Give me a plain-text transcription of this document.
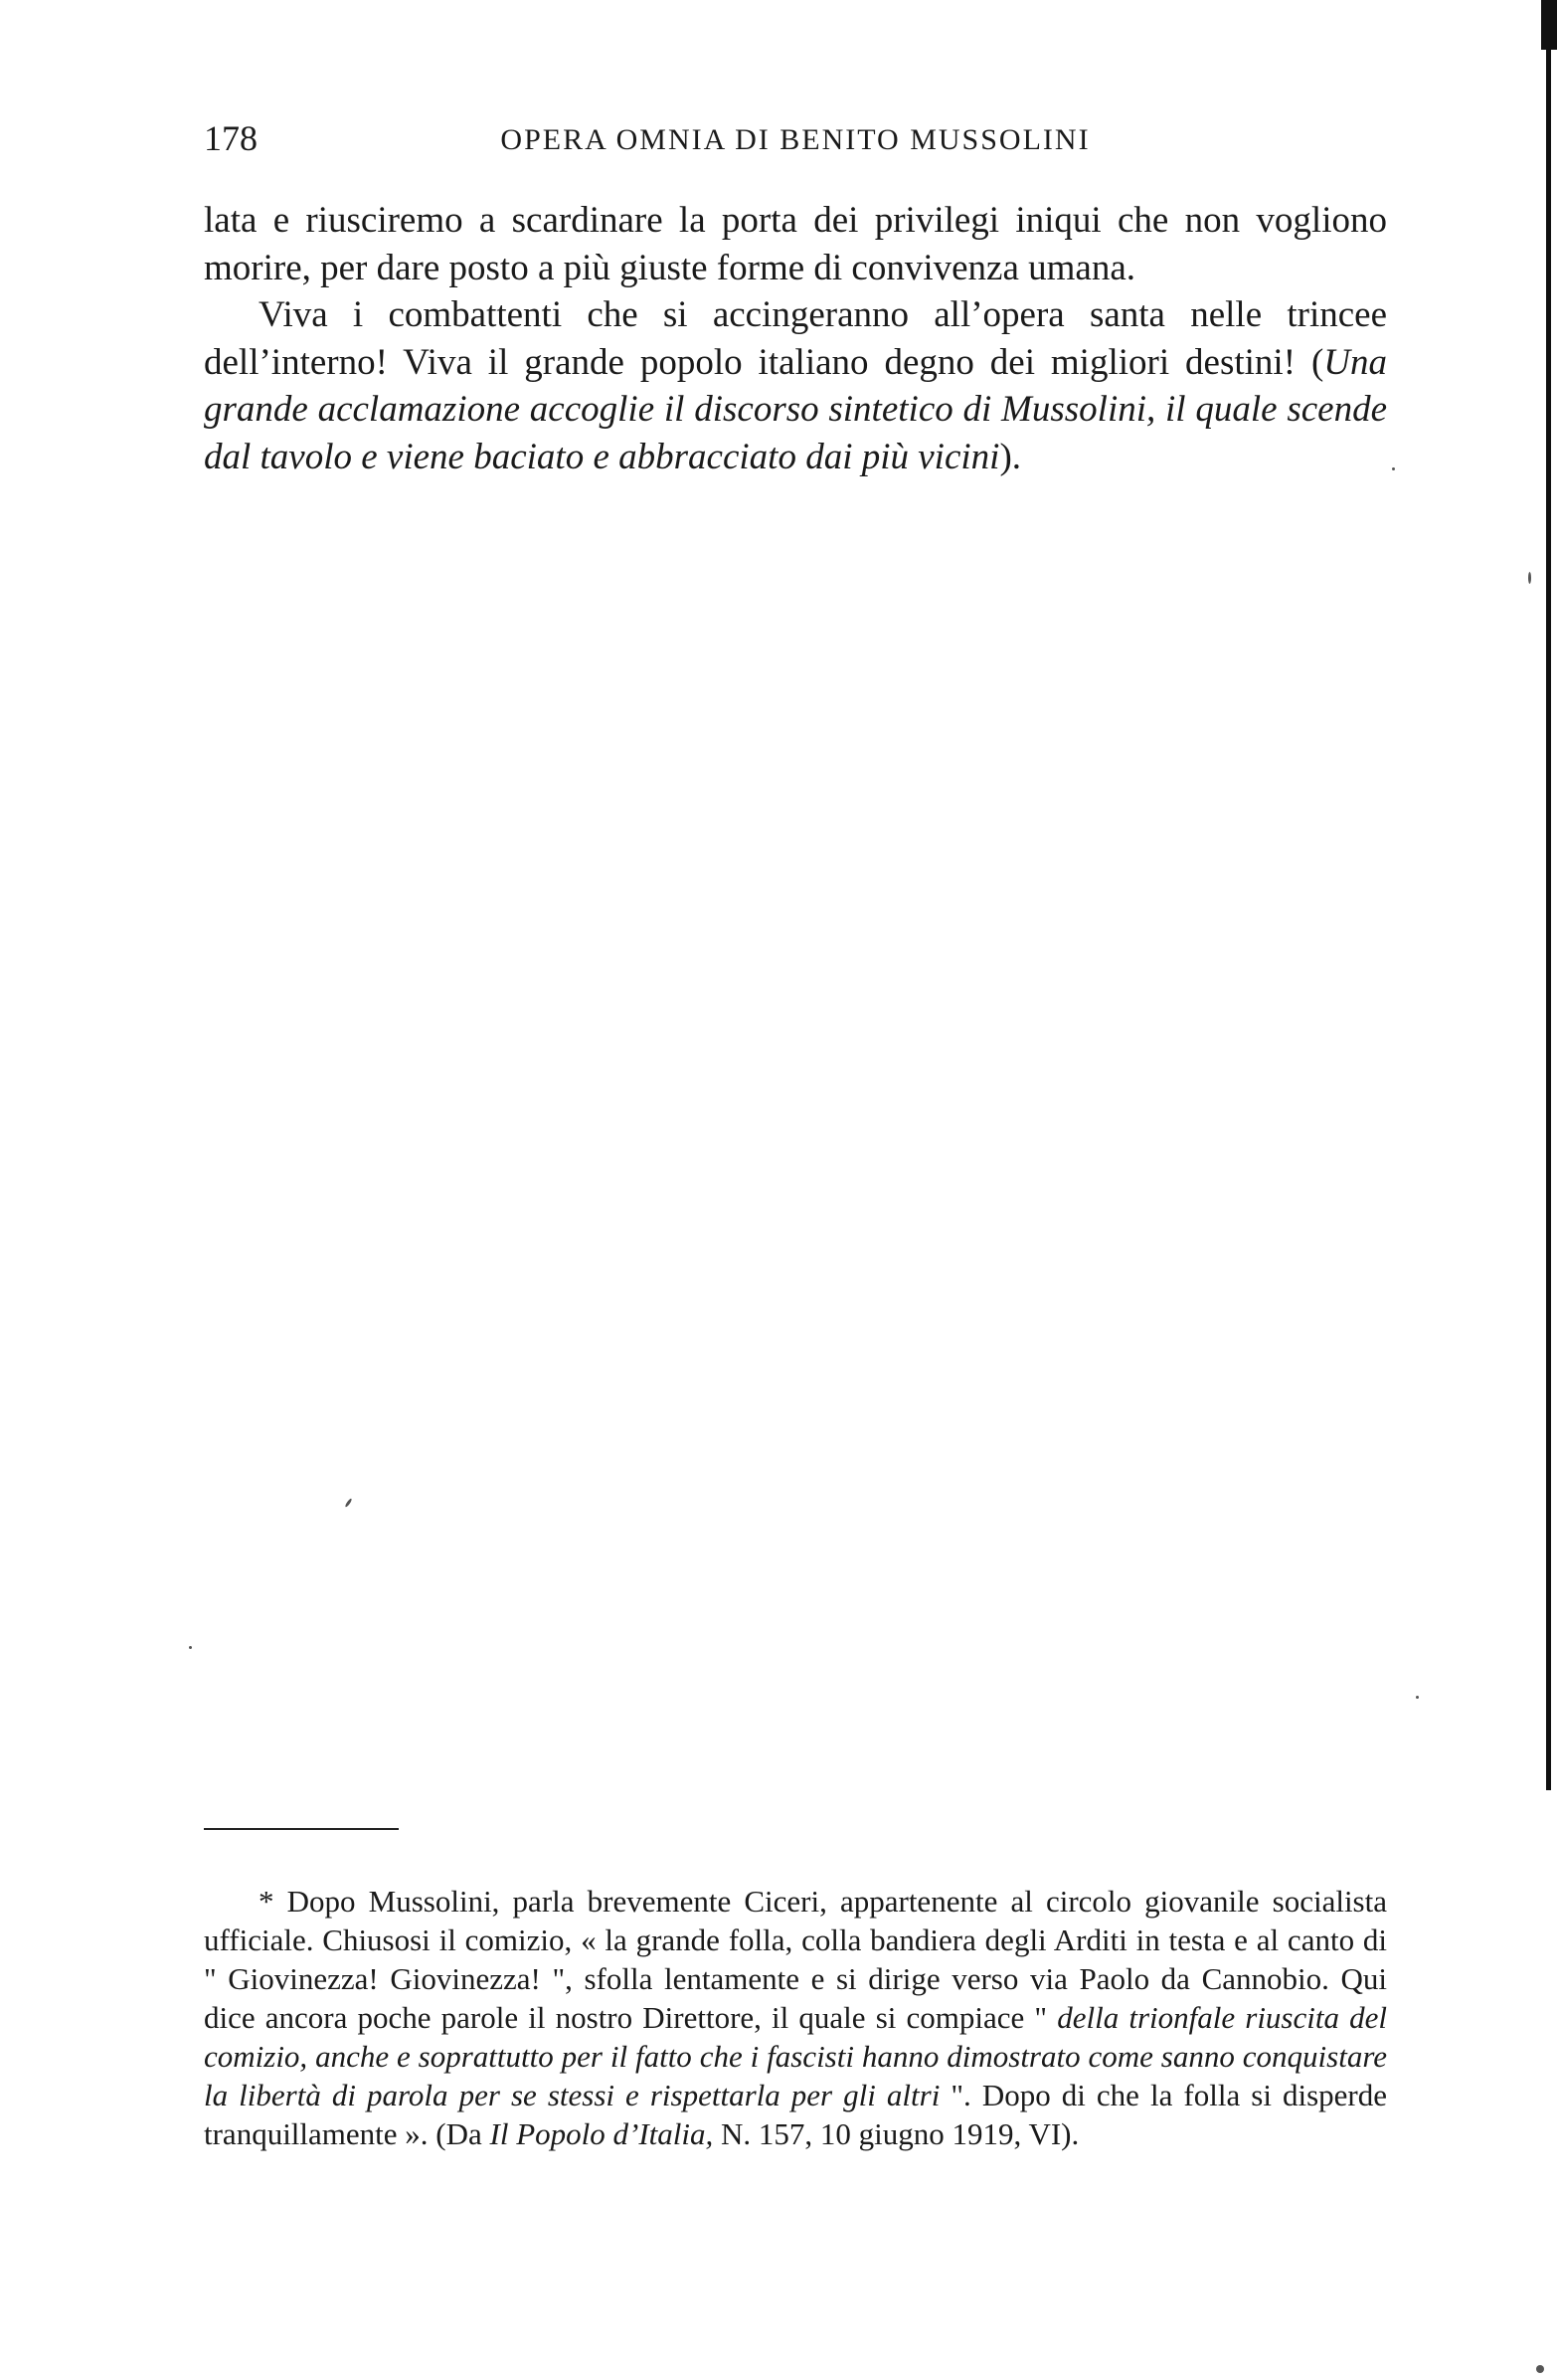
178	OPERA OMNIA DI BENITO MUSSOLINI

lata e riusciremo a scardinare la porta dei privilegi iniqui che non vogliono morire, per dare posto a più giuste forme di convivenza umana.

Viva i combattenti che si accingeranno all’opera santa nelle trincee dell’interno! Viva il grande popolo italiano degno dei migliori destini! (Una grande acclamazione accoglie il discorso sintetico di Mussolini, il quale scende dal tavolo e viene baciato e abbracciato dai più vicini).

* Dopo Mussolini, parla brevemente Ciceri, appartenente al circolo giovanile socialista ufficiale. Chiusosi il comizio, « la grande folla, colla bandiera degli Arditi in testa e al canto di " Giovinezza! Giovinezza! ", sfolla lentamente e si dirige verso via Paolo da Cannobio. Qui dice ancora poche parole il nostro Direttore, il quale si compiace " della trionfale riuscita del comizio, anche e soprattutto per il fatto che i fascisti hanno dimostrato come sanno conquistare la libertà di parola per se stessi e rispettarla per gli altri ". Dopo di che la folla si disperde tranquillamente ». (Da Il Popolo d’Italia, N. 157, 10 giugno 1919, VI).
